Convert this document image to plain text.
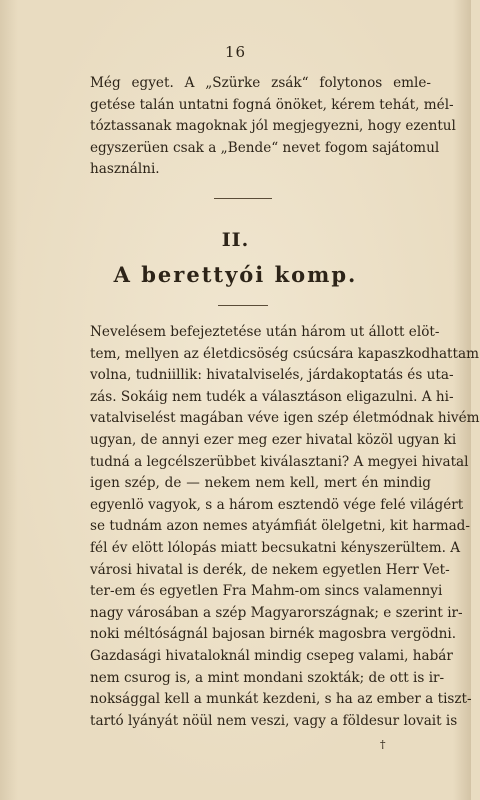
16
Még egyet. A „Szürke zsák“ folytonos emle-
getése talán untatni fogná önöket, kérem tehát, mél-
tóztassanak magoknak jól megjegyezni, hogy ezentul
egyszerüen csak a „Bende“ nevet fogom sajátomul
használni.
II.
A berettyói komp.
Nevelésem befejeztetése után három ut állott elöt-
tem, mellyen az életdicsöség csúcsára kapaszkodhattam
volna, tudniillik: hivatalviselés, járdakoptatás és uta-
zás. Sokáig nem tudék a választáson eligazulni. A hi-
vatalviselést magában véve igen szép életmódnak hivém
ugyan, de annyi ezer meg ezer hivatal közöl ugyan ki
tudná a legcélszerübbet kiválasztani? A megyei hivatal
igen szép, de — nekem nem kell, mert én mindig
egyenlö vagyok, s a három esztendö vége felé világért
se tudnám azon nemes atyámfiát ölelgetni, kit harmad-
fél év elött lólopás miatt becsukatni kényszerültem. A
városi hivatal is derék, de nekem egyetlen Herr Vet-
ter-em és egyetlen Fra Mahm-om sincs valamennyi
nagy városában a szép Magyarországnak; e szerint ir-
noki méltóságnál bajosan birnék magosbra vergödni.
Gazdasági hivataloknál mindig csepeg valami, habár
nem csurog is, a mint mondani szokták; de ott is ir-
noksággal kell a munkát kezdeni, s ha az ember a tiszt-
tartó lyányát nöül nem veszi, vagy a földesur lovait is
†
